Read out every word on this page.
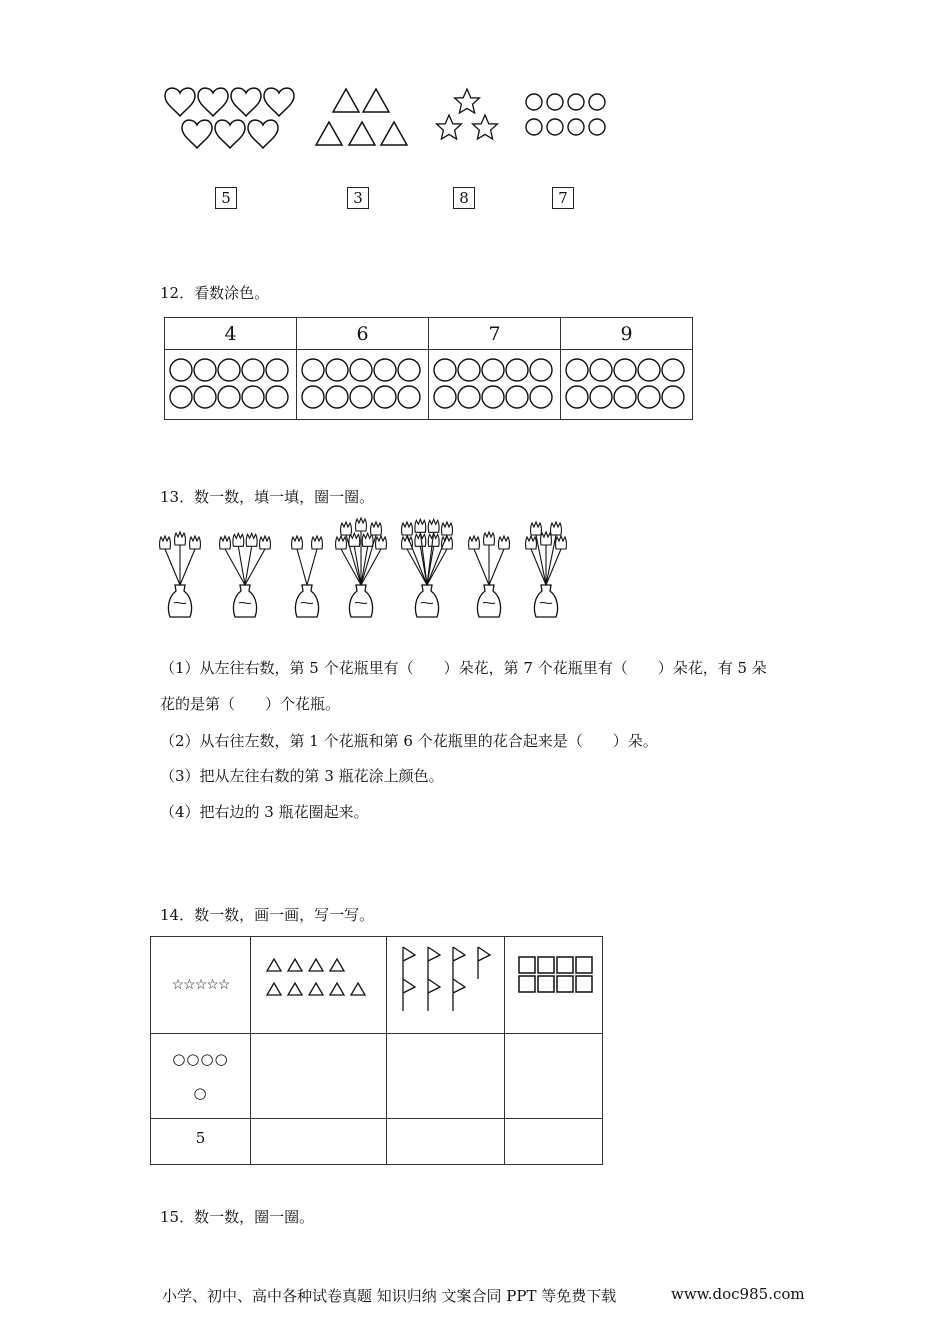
5	3	8	7
12．看数涂色。
4	6	7	9

13．数一数，填一填，圈一圈。
（1）从左往右数，第 5 个花瓶里有（　　）朵花，第 7 个花瓶里有（　　）朵花，有 5 朵
花的是第（　　）个花瓶。
（2）从右往左数，第 1 个花瓶和第 6 个花瓶里的花合起来是（　　）朵。
（3）把从左往右数的第 3 瓶花涂上颜色。
（4）把右边的 3 瓶花圈起来。
14．数一数，画一画，写一写。
☆☆☆☆☆			

○○○○
○			

5			
15．数一数，圈一圈。
小学、初中、高中各种试卷真题 知识归纳 文案合同 PPT 等免费下载	www.doc985.com
